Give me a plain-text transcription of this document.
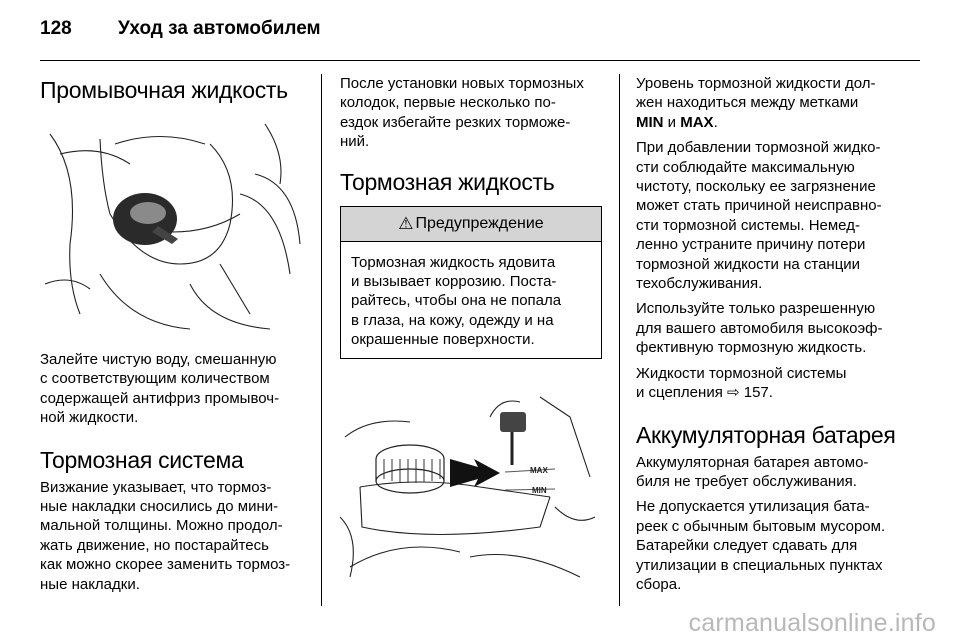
128	Уход за автомобилем
Промывочная жидкость

Залейте чистую воду, смешанную
с соответствующим количеством
содержащей антифриз промывоч-
ной жидкости.

Тормозная система

Визжание указывает, что тормоз-
ные накладки сносились до мини-
мальной толщины. Можно продол-
жать движение, но постарайтесь
как можно скорее заменить тормоз-
ные накладки.

После установки новых тормозных
колодок, первые несколько по-
ездок избегайте резких торможе-
ний.

Тормозная жидкость
⚠ Предупреждение
Тормозная жидкость ядовита
и вызывает коррозию. Поста-
райтесь, чтобы она не попала
в глаза, на кожу, одежду и на
окрашенные поверхности.
MAX
MIN

Уровень тормозной жидкости дол-
жен находиться между метками
MIN и MAX.

При добавлении тормозной жидко-
сти соблюдайте максимальную
чистоту, поскольку ее загрязнение
может стать причиной неисправно-
сти тормозной системы. Немед-
ленно устраните причину потери
тормозной жидкости на станции
техобслуживания.

Используйте только разрешенную
для вашего автомобиля высокоэф-
фективную тормозную жидкость.

Жидкости тормозной системы
и сцепления ⇨ 157.

Аккумуляторная батарея

Аккумуляторная батарея автомо-
биля не требует обслуживания.

Не допускается утилизация бата-
реек с обычным бытовым мусором.
Батарейки следует сдавать для
утилизации в специальных пунктах
сбора.

carmanualsonline.info
